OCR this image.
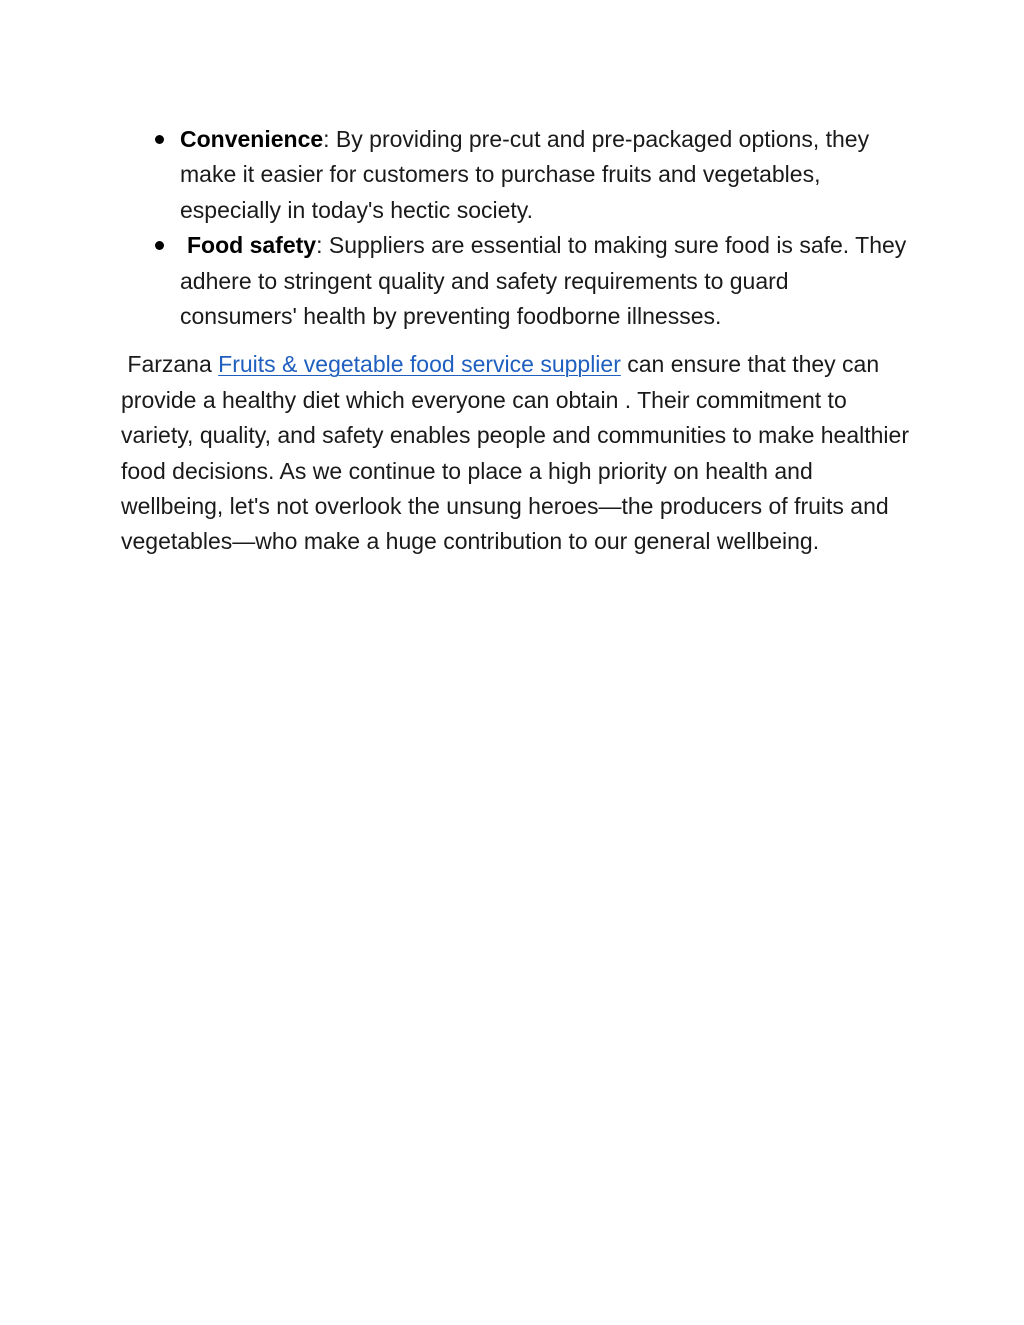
Convenience: By providing pre-cut and pre-packaged options, they make it easier for customers to purchase fruits and vegetables, especially in today's hectic society.
Food safety: Suppliers are essential to making sure food is safe. They adhere to stringent quality and safety requirements to guard consumers' health by preventing foodborne illnesses.

Farzana Fruits & vegetable food service supplier can ensure that they can provide a healthy diet which everyone can obtain . Their commitment to variety, quality, and safety enables people and communities to make healthier food decisions. As we continue to place a high priority on health and wellbeing, let's not overlook the unsung heroes—the producers of fruits and vegetables—who make a huge contribution to our general wellbeing.
